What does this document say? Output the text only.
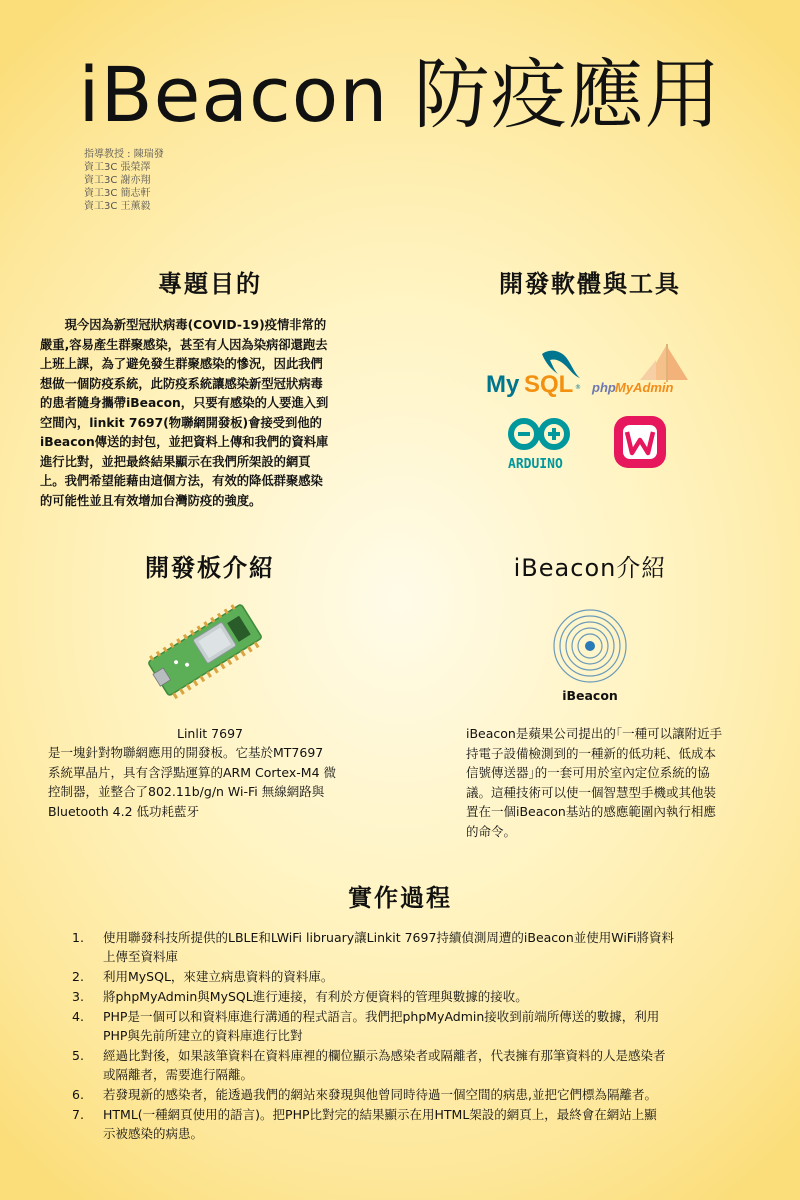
iBeacon 防疫應用
指導教授 : 陳瑞發
資工3C 張榮澤
資工3C 謝亦翔
資工3C 簡志軒
資工3C 王薰毅
專題目的
　　現今因為新型冠狀病毒(COVID-19)疫情非常的
嚴重,容易產生群聚感染，甚至有人因為染病卻還跑去
上班上課，為了避免發生群聚感染的慘況，因此我們
想做一個防疫系統，此防疫系統讓感染新型冠狀病毒
的患者隨身攜帶iBeacon，只要有感染的人要進入到
空間內，linkit 7697(物聯網開發板)會接受到他的
iBeacon傳送的封包，並把資料上傳和我們的資料庫
進行比對，並把最終結果顯示在我們所架設的網頁
上。我們希望能藉由這個方法，有效的降低群聚感染
的可能性並且有效增加台灣防疫的強度。
開發軟體與工具
My SQL ® php MyAdmin
ARDUINO
開發板介紹
Linlit 7697
是一塊針對物聯網應用的開發板。它基於MT7697
系統單晶片，具有含浮點運算的ARM Cortex-M4 微
控制器，並整合了802.11b/g/n Wi-Fi 無線網路與
Bluetooth 4.2 低功耗藍牙
iBeacon介紹
iBeacon
iBeacon是蘋果公司提出的｢一種可以讓附近手
持電子設備檢測到的一種新的低功耗、低成本
信號傳送器｣的一套可用於室內定位系統的協
議。這種技術可以使一個智慧型手機或其他裝
置在一個iBeacon基站的感應範圍內執行相應
的命令。
實作過程
1.	使用聯發科技所提供的LBLE和LWiFi libruary讓Linkit 7697持續偵測周遭的iBeacon並使用WiFi將資料
上傳至資料庫
2.	利用MySQL，來建立病患資料的資料庫。
3.	將phpMyAdmin與MySQL進行連接，有利於方便資料的管理與數據的接收。
4.	PHP是一個可以和資料庫進行溝通的程式語言。我們把phpMyAdmin接收到前端所傳送的數據，利用
PHP與先前所建立的資料庫進行比對
5.	經過比對後，如果該筆資料在資料庫裡的欄位顯示為感染者或隔離者，代表擁有那筆資料的人是感染者
或隔離者，需要進行隔離。
6.	若發現新的感染者，能透過我們的網站來發現與他曾同時待過一個空間的病患,並把它們標為隔離者。
7.	HTML(一種網頁使用的語言)。把PHP比對完的結果顯示在用HTML架設的網頁上，最終會在網站上顯
示被感染的病患。
